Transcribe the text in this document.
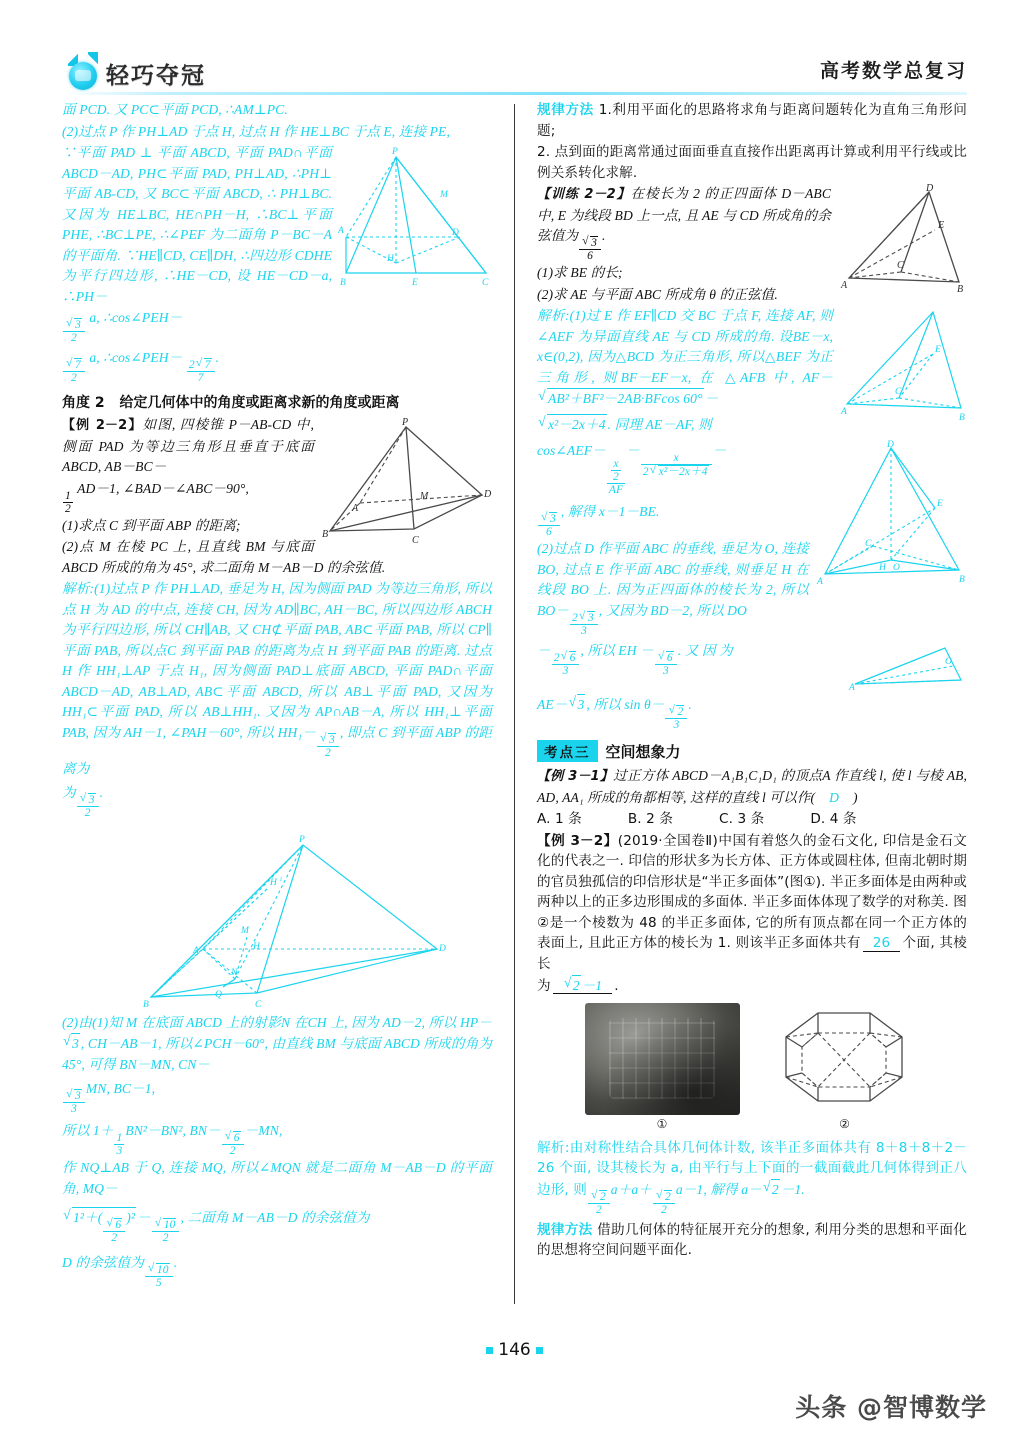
轻巧夺冠	高考数学总复习

面 PCD. 又 PC⊂平面 PCD, ∴AM⊥PC.

(2)过点 P 作 PH⊥AD 于点 H, 过点 H 作 HE⊥BC 于点 E, 连接 PE,

P
M
D
H
A
B	E	C

∵平面 PAD ⊥ 平面 ABCD, 平面 PAD∩平面 ABCD－AD, PH⊂平面 PAD, PH⊥AD, ∴PH⊥平面 AB-CD, 又 BC⊂平面 ABCD, ∴ PH⊥BC. 又因为 HE⊥BC, HE∩PH－H, ∴BC⊥平面 PHE, ∴BC⊥PE, ∴∠PEF 为二面角 P－BC－A 的平面角. ∵HE∥CD, CE∥DH, ∴四边形 CDHE 为平行四边形, ∴HE－CD, 设 HE－CD－a, ∴PH－

√ $\frac{3}{2}$
a, ∴cos∠PEH－

√ $\frac{7}{2}$
a, ∴cos∠PEH－
$\frac{2 √ 7}{7}$
.

角度 2 给定几何体中的角度或距离求新的角度或距离
P
M
A
D
B
C

【例 2－2】如图, 四棱锥 P－AB-CD 中, 侧面 PAD 为等边三角形且垂直于底面 ABCD, AB－BC－

$\frac{1}{2}$
AD－1, ∠BAD－∠ABC－90°,

(1)求点 C 到平面 ABP 的距离;

(2)点 M 在棱 PC 上, 且直线 BM 与底面 ABCD 所成的角为 45°, 求二面角 M－AB－D 的余弦值.

解析:(1)过点 P 作 PH⊥AD, 垂足为 H, 因为侧面 PAD 为等边三角形, 所以点 H 为 AD 的中点, 连接 CH, 因为 AD∥BC, AH－BC, 所以四边形 ABCH 为平行四边形, 所以 CH∥AB, 又 CH⊄平面 PAB, AB⊂平面 PAB, 所以 CP∥平面 PAB, 所以点C 到平面 PAB 的距离为点 H 到平面 PAB 的距离. 过点 H 作 HH₁⊥AP 于点 H₁, 因为侧面 PAD⊥底面 ABCD, 平面 PAD∩平面 ABCD－AD, AB⊥AD, AB⊂平面 ABCD, 所以 AB⊥平面 PAD, 又因为 HH₁⊂平面 PAD, 所以 AB⊥HH₁. 又因为 AP∩AB－A, 所以 HH₁⊥平面 PAB, 因为 AH－1, ∠PAH－60°, 所以 HH₁－
√ $\frac{3}{2}$
, 即点 C 到平面 ABP 的距离为

为
√ $\frac{3}{2}$
.

P
H
₁
M
A
N
Q
H	D
B	C

(2)由(1)知 M 在底面 ABCD 上的射影N 在CH 上, 因为 AD－2, 所以 HP－√ 3 , CH－AB－1, 所以∠PCH－60°, 由直线 BM 与底面 ABCD 所成的角为 45°, 可得 BN－MN, CN－

√ $\frac{3}{3}$
MN, BC－1,

所以 1＋
$\frac{1}{3}$
BN²－BN², BN－
√ $\frac{6}{2}$
－MN,

作 NQ⊥AB 于 Q, 连接 MQ, 所以∠MQN 就是二面角 M－AB－D 的平面角, MQ－

√ 1²＋(
√ $\frac{6}{2}$
)² －
√ $\frac{10}{2}$
, 二面角 M－AB－D 的余弦值为

D 的余弦值为
√ $\frac{10}{5}$
.

规律方法 1.利用平面化的思路将求角与距离问题转化为直角三角形问题;

2. 点到面的距离常通过面面垂直直接作出距离再计算或利用平行线或比例关系转化求解.

D
E
C
A	B

【训练 2－2】在棱长为 2 的正四面体 D－ABC 中, E 为线段 BD 上一点, 且 AE 与 CD 所成角的余弦值为
√ $\frac{3}{6}$
.

(1)求 BE 的长;

(2)求 AE 与平面 ABC 所成角 θ 的正弦值.

A
E
C
B

解析:(1)过 E 作 EF∥CD 交 BC 于点 F, 连接 AF, 则∠AEF 为异面直线 AE 与 CD 所成的角. 设BE－x, x∈(0,2), 因为△BCD 为正三角形, 所以△BEF 为正三角形, 则BF－EF－x, 在 △AFB 中, AF－√ AB²＋BF²－2AB·BFcos 60° －

√ x²－2x＋4 . 同理 AE－AF, 则

D
E
C
H O
A	B

cos∠AEF－
$\frac{\frac{x}{2}}{AF}$
－
$\frac{x}{\text{2 √ x²－2x＋4}}$
－

√ $\frac{3}{6}$
, 解得 x－1－BE.

(2)过点 D 作平面 ABC 的垂线, 垂足为 O, 连接 BO, 过点 E 作平面 ABC 的垂线, 则垂足 H 在线段 BO 上. 因为正四面体的棱长为 2, 所以 BO－
$\frac{2 √ 3}{3}$
, 又因为 BD－2, 所以 DO

A
O

－
$\frac{2 √ 6}{3}$
, 所以 EH －
√ $\frac{6}{3}$
. 又 因 为

AE－ √ 3 , 所以 sin θ－
√ $\frac{2}{3}$
.

考点三	空间想象力

【例 3－1】过正方体 ABCD－A₁B₁C₁D₁ 的顶点A 作直线 l, 使 l 与棱 AB, AD, AA₁ 所成的角都相等, 这样的直线 l 可以作( D )

A. 1 条	B. 2 条	C. 3 条	D. 4 条

【例 3－2】(2019·全国卷Ⅱ)中国有着悠久的金石文化, 印信是金石文化的代表之一. 印信的形状多为长方体、正方体或圆柱体, 但南北朝时期的官员独孤信的印信形状是“半正多面体”(图①). 半正多面体是由两种或两种以上的正多边形围成的多面体. 半正多面体体现了数学的对称美. 图②是一个棱数为 48 的半正多面体, 它的所有顶点都在同一个正方体的表面上, 且此正方体的棱长为 1. 则该半正多面体共有 26 个面, 其棱长

为 √ 2 －1 .

①	②

解析:由对称性结合具体几何体计数, 该半正多面体共有 8＋8＋8＋2－26 个面, 设其棱长为 a, 由平行与上下面的一截面截此几何体得到正八边形, 则 √ $\frac{2}{2}$
a＋a＋
√ $\frac{2}{2}$
a－1, 解得 a－ √ 2 －1.

规律方法 借助几何体的特征展开充分的想象, 利用分类的思想和平面化的思想将空间问题平面化.

146
头条 @智博数学
